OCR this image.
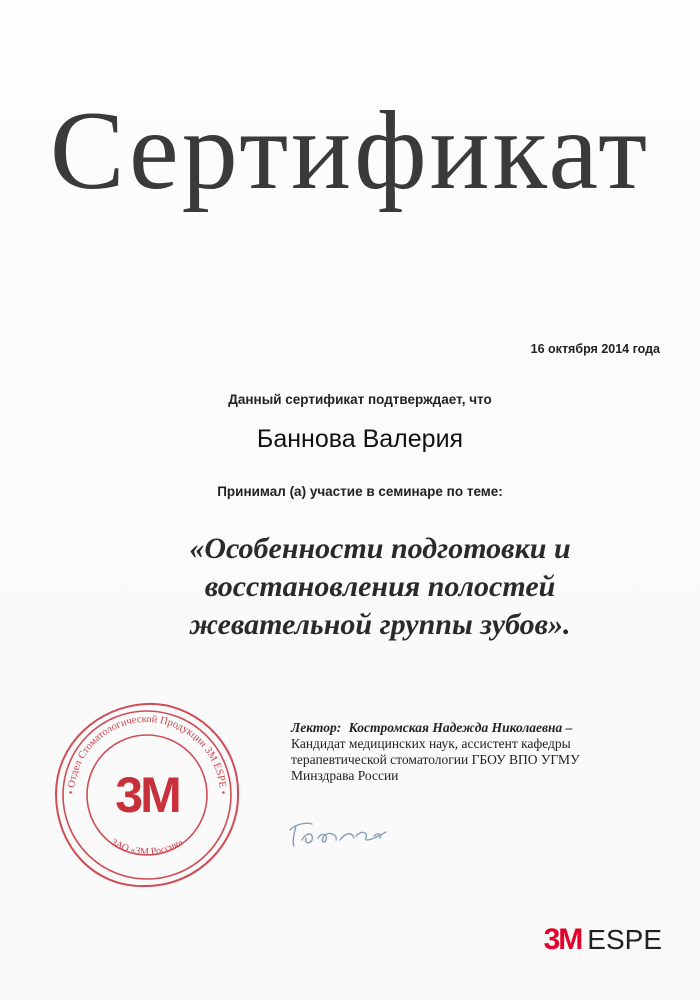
Сертификат
16 октября 2014 года
Данный сертификат подтверждает, что
Баннова Валерия
Принимал (а) участие в семинаре по теме:
«Особенности подготовки и
восстановления полостей
жевательной группы зубов».
Лектор: Костромская Надежда Николаевна –
Кандидат медицинских наук, ассистент кафедры
терапевтической стоматологии ГБОУ ВПО УГМУ
Минздрава России
• Отдел Стоматологической Продукции 3M ESPE •
ЗАО «3М Россия»
3M
3M ESPE
